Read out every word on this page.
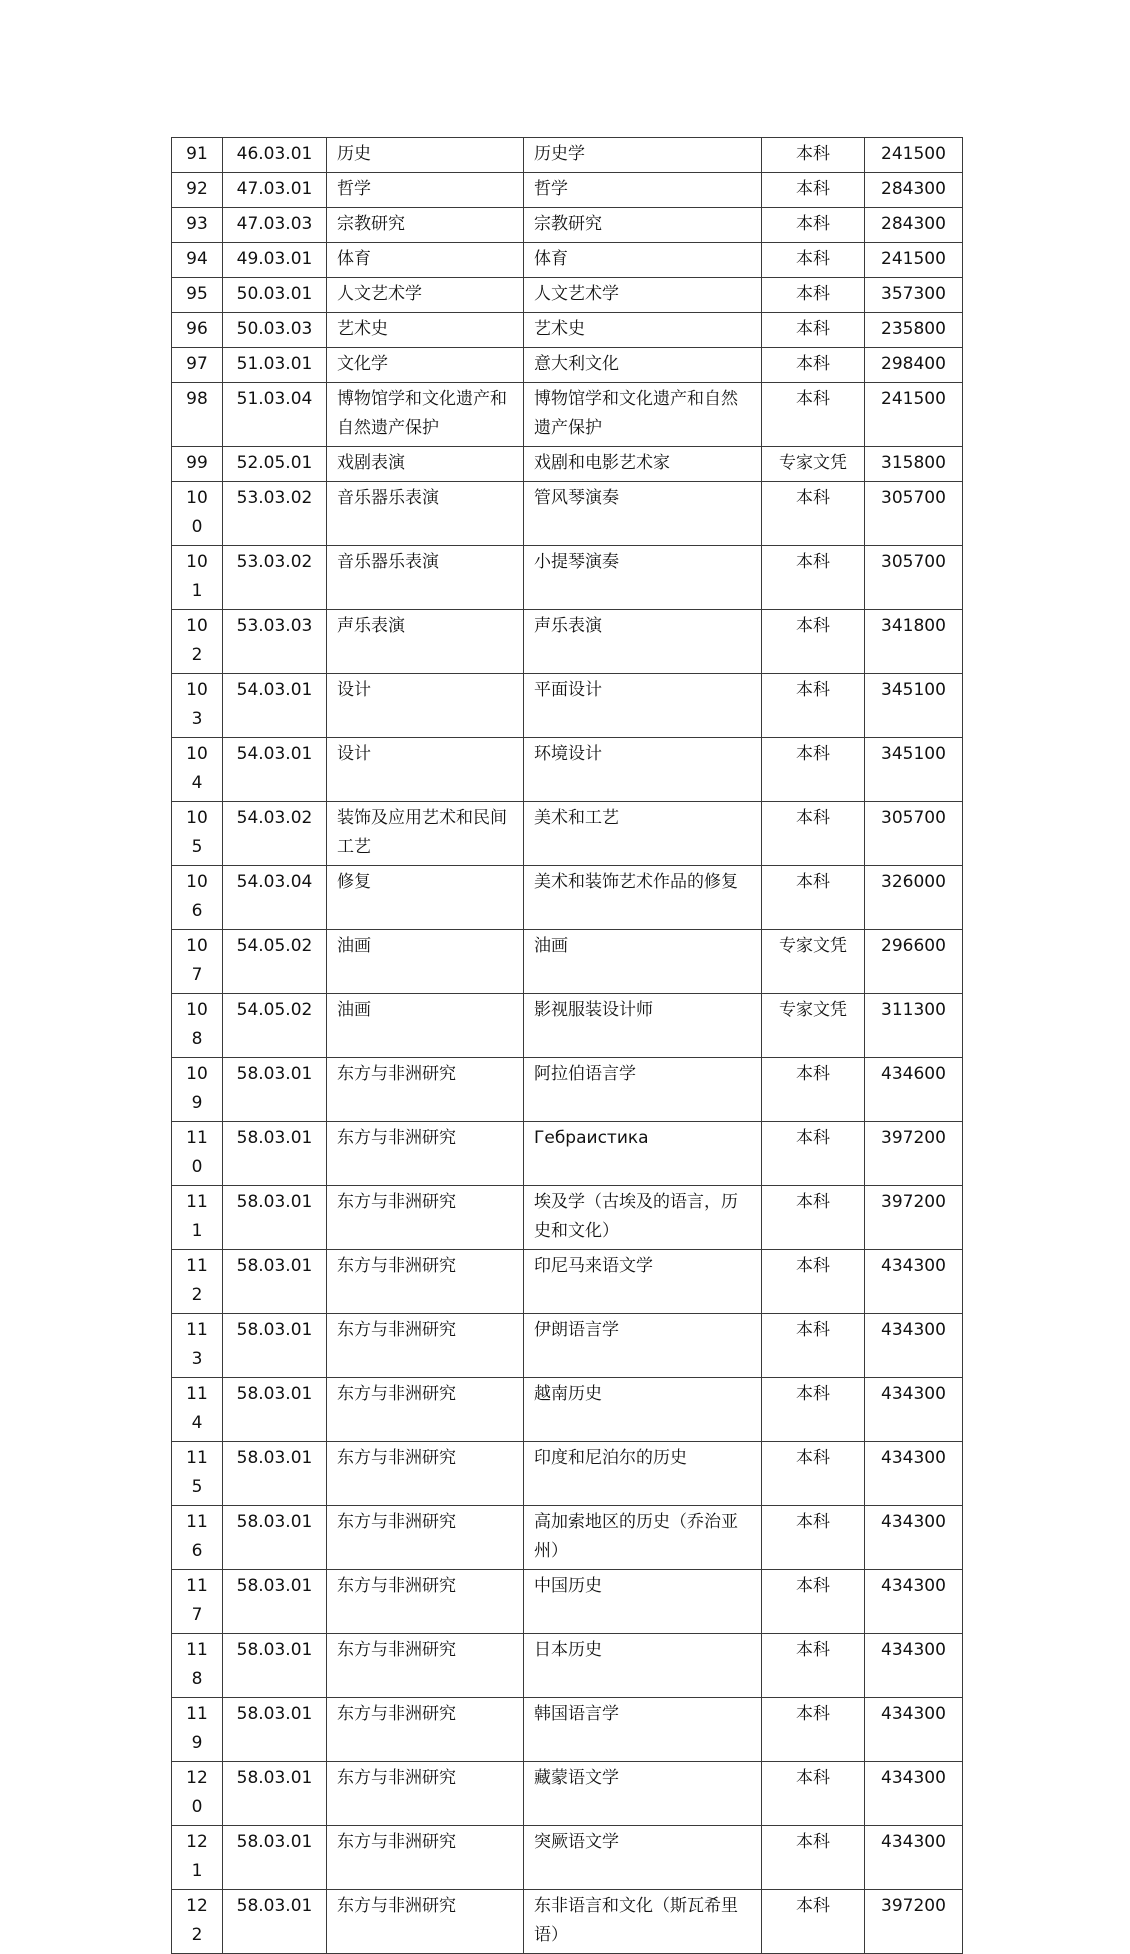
91	46.03.01	历史	历史学	本科	241500
92	47.03.01	哲学	哲学	本科	284300
93	47.03.03	宗教研究	宗教研究	本科	284300
94	49.03.01	体育	体育	本科	241500
95	50.03.01	人文艺术学	人文艺术学	本科	357300
96	50.03.03	艺术史	艺术史	本科	235800
97	51.03.01	文化学	意大利文化	本科	298400
98	51.03.04	博物馆学和文化遗产和自然遗产保护	博物馆学和文化遗产和自然遗产保护	本科	241500
99	52.05.01	戏剧表演	戏剧和电影艺术家	专家文凭	315800
100	53.03.02	音乐器乐表演	管风琴演奏	本科	305700
101	53.03.02	音乐器乐表演	小提琴演奏	本科	305700
102	53.03.03	声乐表演	声乐表演	本科	341800
103	54.03.01	设计	平面设计	本科	345100
104	54.03.01	设计	环境设计	本科	345100
105	54.03.02	装饰及应用艺术和民间工艺	美术和工艺	本科	305700
106	54.03.04	修复	美术和装饰艺术作品的修复	本科	326000
107	54.05.02	油画	油画	专家文凭	296600
108	54.05.02	油画	影视服装设计师	专家文凭	311300
109	58.03.01	东方与非洲研究	阿拉伯语言学	本科	434600
110	58.03.01	东方与非洲研究	Гебраистика	本科	397200
111	58.03.01	东方与非洲研究	埃及学（古埃及的语言，历史和文化）	本科	397200
112	58.03.01	东方与非洲研究	印尼马来语文学	本科	434300
113	58.03.01	东方与非洲研究	伊朗语言学	本科	434300
114	58.03.01	东方与非洲研究	越南历史	本科	434300
115	58.03.01	东方与非洲研究	印度和尼泊尔的历史	本科	434300
116	58.03.01	东方与非洲研究	高加索地区的历史（乔治亚州）	本科	434300
117	58.03.01	东方与非洲研究	中国历史	本科	434300
118	58.03.01	东方与非洲研究	日本历史	本科	434300
119	58.03.01	东方与非洲研究	韩国语言学	本科	434300
120	58.03.01	东方与非洲研究	藏蒙语文学	本科	434300
121	58.03.01	东方与非洲研究	突厥语文学	本科	434300
122	58.03.01	东方与非洲研究	东非语言和文化（斯瓦希里语）	本科	397200
